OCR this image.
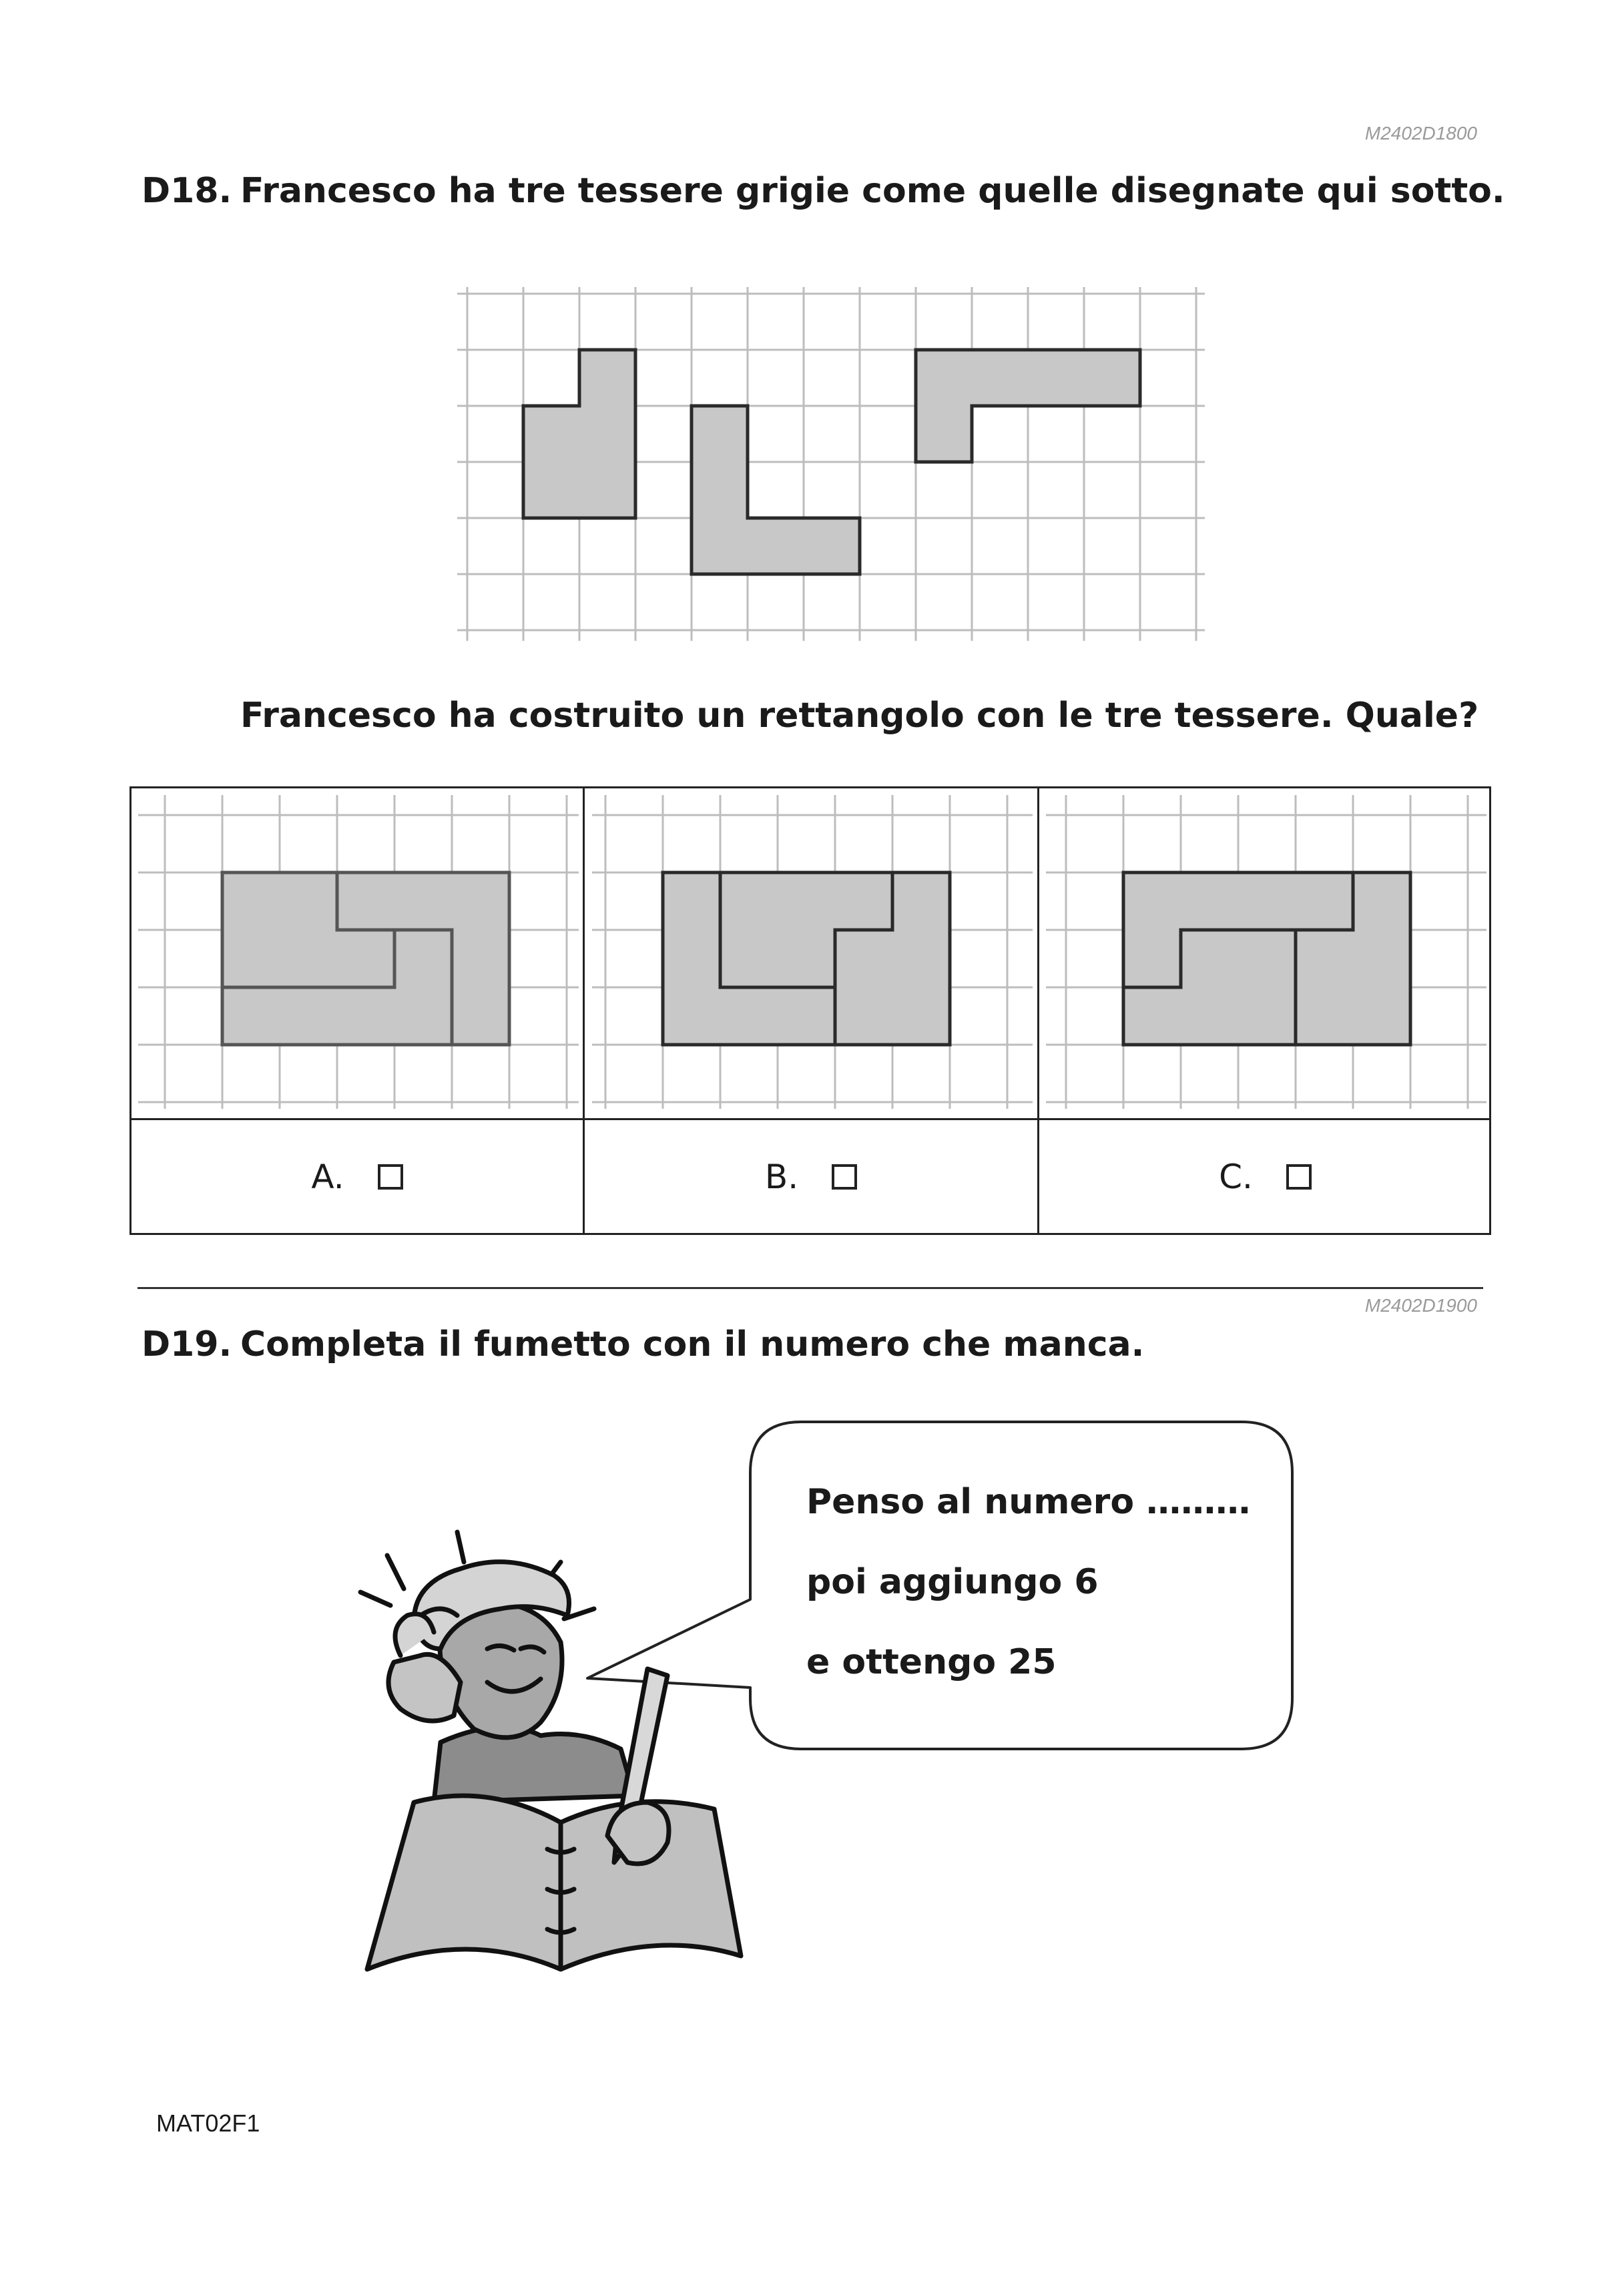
M2402D1800
D18. Francesco ha tre tessere grigie come quelle disegnate qui sotto.
Francesco ha costruito un rettangolo con le tre tessere. Quale?
A.	B.	C.
M2402D1900
D19. Completa il fumetto con il numero che manca.
Penso al numero ………
poi aggiungo 6
e ottengo 25
MAT02F1
